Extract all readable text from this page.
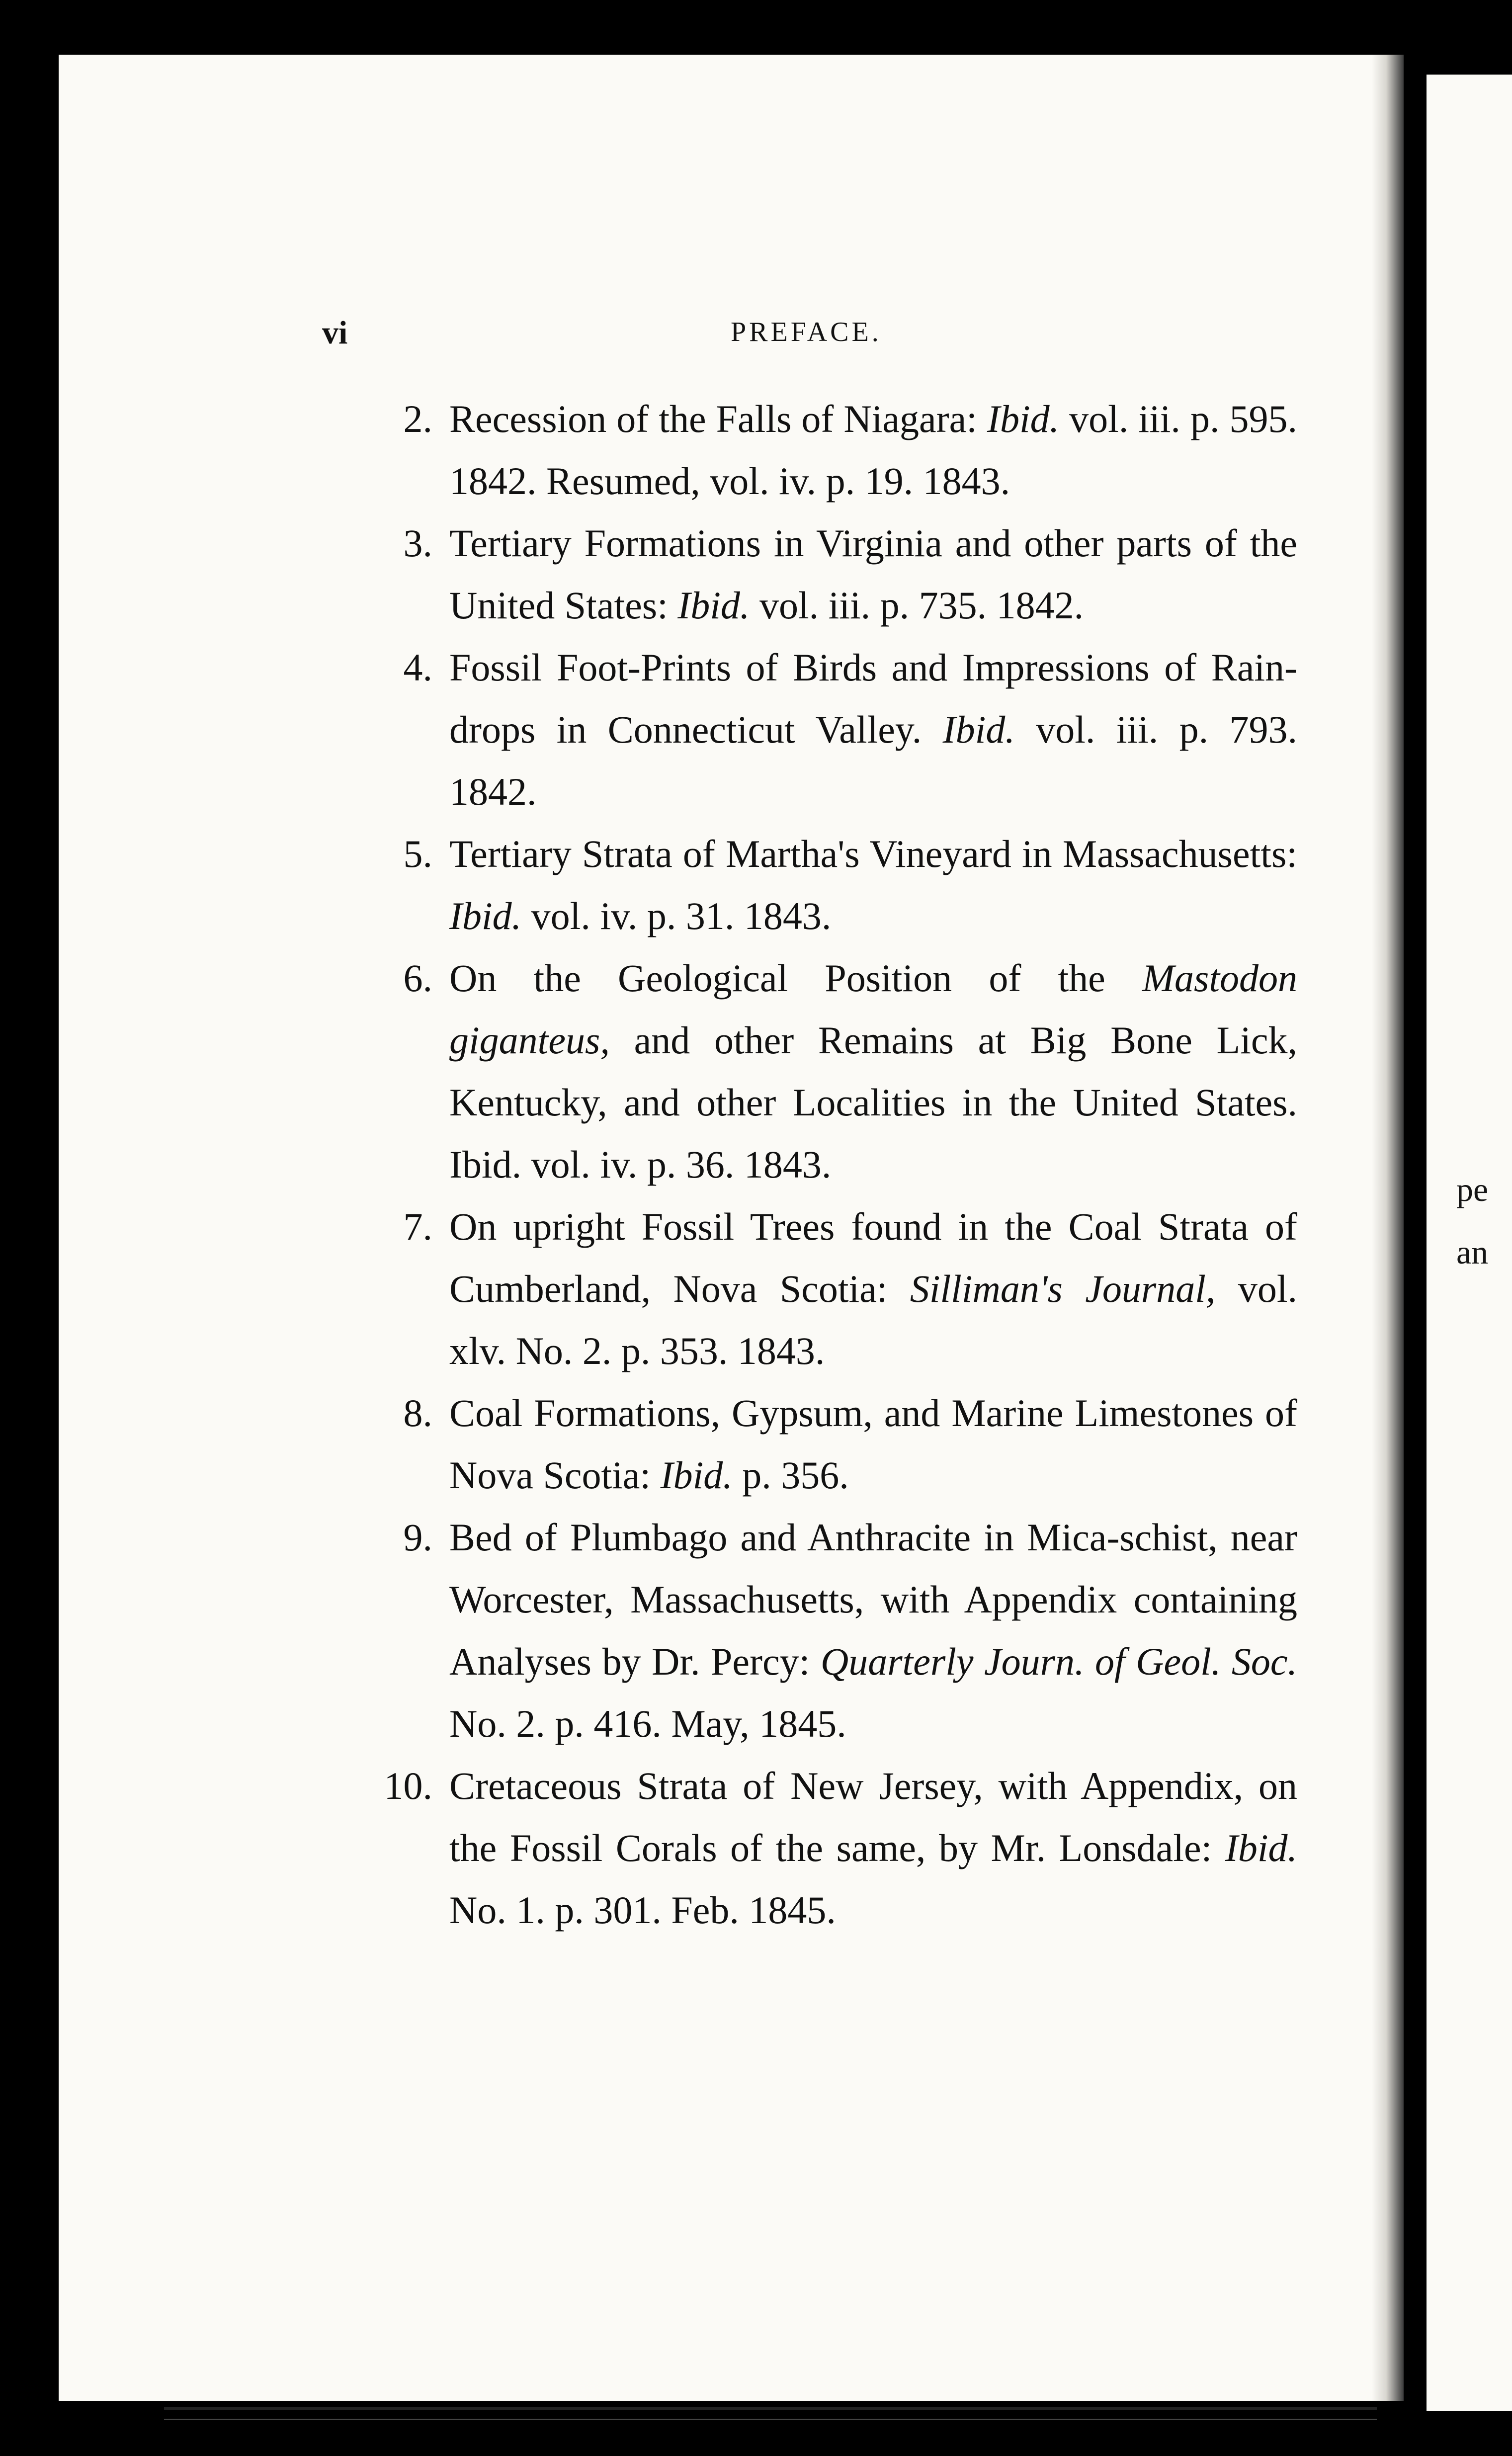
pe
an
vi	PREFACE.
2. Recession of the Falls of Niagara: Ibid. vol. iii. p. 595. 1842. Resumed, vol. iv. p. 19. 1843.
3. Tertiary Formations in Virginia and other parts of the United States: Ibid. vol. iii. p. 735. 1842.
4. Fossil Foot-Prints of Birds and Impressions of Rain-drops in Connecticut Valley. Ibid. vol. iii. p. 793. 1842.
5. Tertiary Strata of Martha's Vineyard in Massachusetts: Ibid. vol. iv. p. 31. 1843.
6. On the Geological Position of the Mastodon giganteus, and other Remains at Big Bone Lick, Kentucky, and other Localities in the United States. Ibid. vol. iv. p. 36. 1843.
7. On upright Fossil Trees found in the Coal Strata of Cumberland, Nova Scotia: Silliman's Journal, vol. xlv. No. 2. p. 353. 1843.
8. Coal Formations, Gypsum, and Marine Limestones of Nova Scotia: Ibid. p. 356.
9. Bed of Plumbago and Anthracite in Mica-schist, near Worcester, Massachusetts, with Appendix containing Analyses by Dr. Percy: Quarterly Journ. of Geol. Soc. No. 2. p. 416. May, 1845.
10. Cretaceous Strata of New Jersey, with Appendix, on the Fossil Corals of the same, by Mr. Lonsdale: Ibid. No. 1. p. 301. Feb. 1845.
